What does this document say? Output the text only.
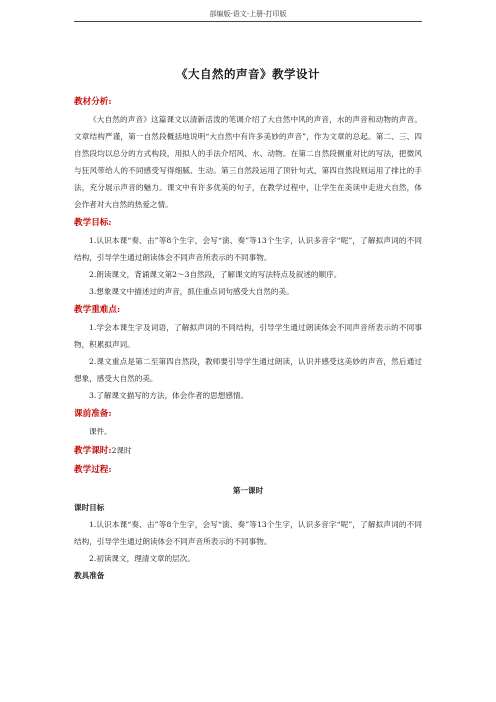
部编版-语文-上册-打印版
《大自然的声音》教学设计

教材分析:

《大自然的声音》这篇课文以清新活泼的笔调介绍了大自然中风的声音，水的声音和动物的声音。文章结构严谨，第一自然段概括地说明“大自然中有许多美妙的声音”，作为文章的总起。第二、三、四自然段均以总分的方式构段，用拟人的手法介绍风、水、动物。在第二自然段侧重对比的写法，把微风与狂风带给人的不同感受写得细腻、生动。第三自然段运用了顶针句式，第四自然段则运用了排比的手法，充分展示声音的魅力。课文中有许多优美的句子，在教学过程中，让学生在美读中走进大自然，体会作者对大自然的热爱之情。

教学目标:

1.认识本课“奏、击”等8个生字，会写“演、奏”等13个生字，认识多音字“呢”，了解拟声词的不同结构，引导学生通过朗读体会不同声音所表示的不同事物。

2.朗读课文，背诵课文第2～3自然段，了解课文的写法特点及叙述的顺序。

3.想象课文中描述过的声音，抓住重点词句感受大自然的美。

教学重难点:

1.学会本课生字及词语，了解拟声词的不同结构，引导学生通过朗读体会不同声音所表示的不同事物，积累拟声词。

2.课文重点是第二至第四自然段，教师要引导学生通过朗读，认识并感受这美妙的声音，然后通过想象，感受大自然的美。

3.了解课文描写的方法，体会作者的思想感情。

课前准备:

课件。

教学课时:2课时

教学过程:

第一课时

课时目标

1.认识本课“奏、击”等8个生字，会写“演、奏”等13个生字，认识多音字“呢”，了解拟声词的不同结构，引导学生通过朗读体会不同声音所表示的不同事物。

2.初读课文，理清文章的层次。

教具准备
